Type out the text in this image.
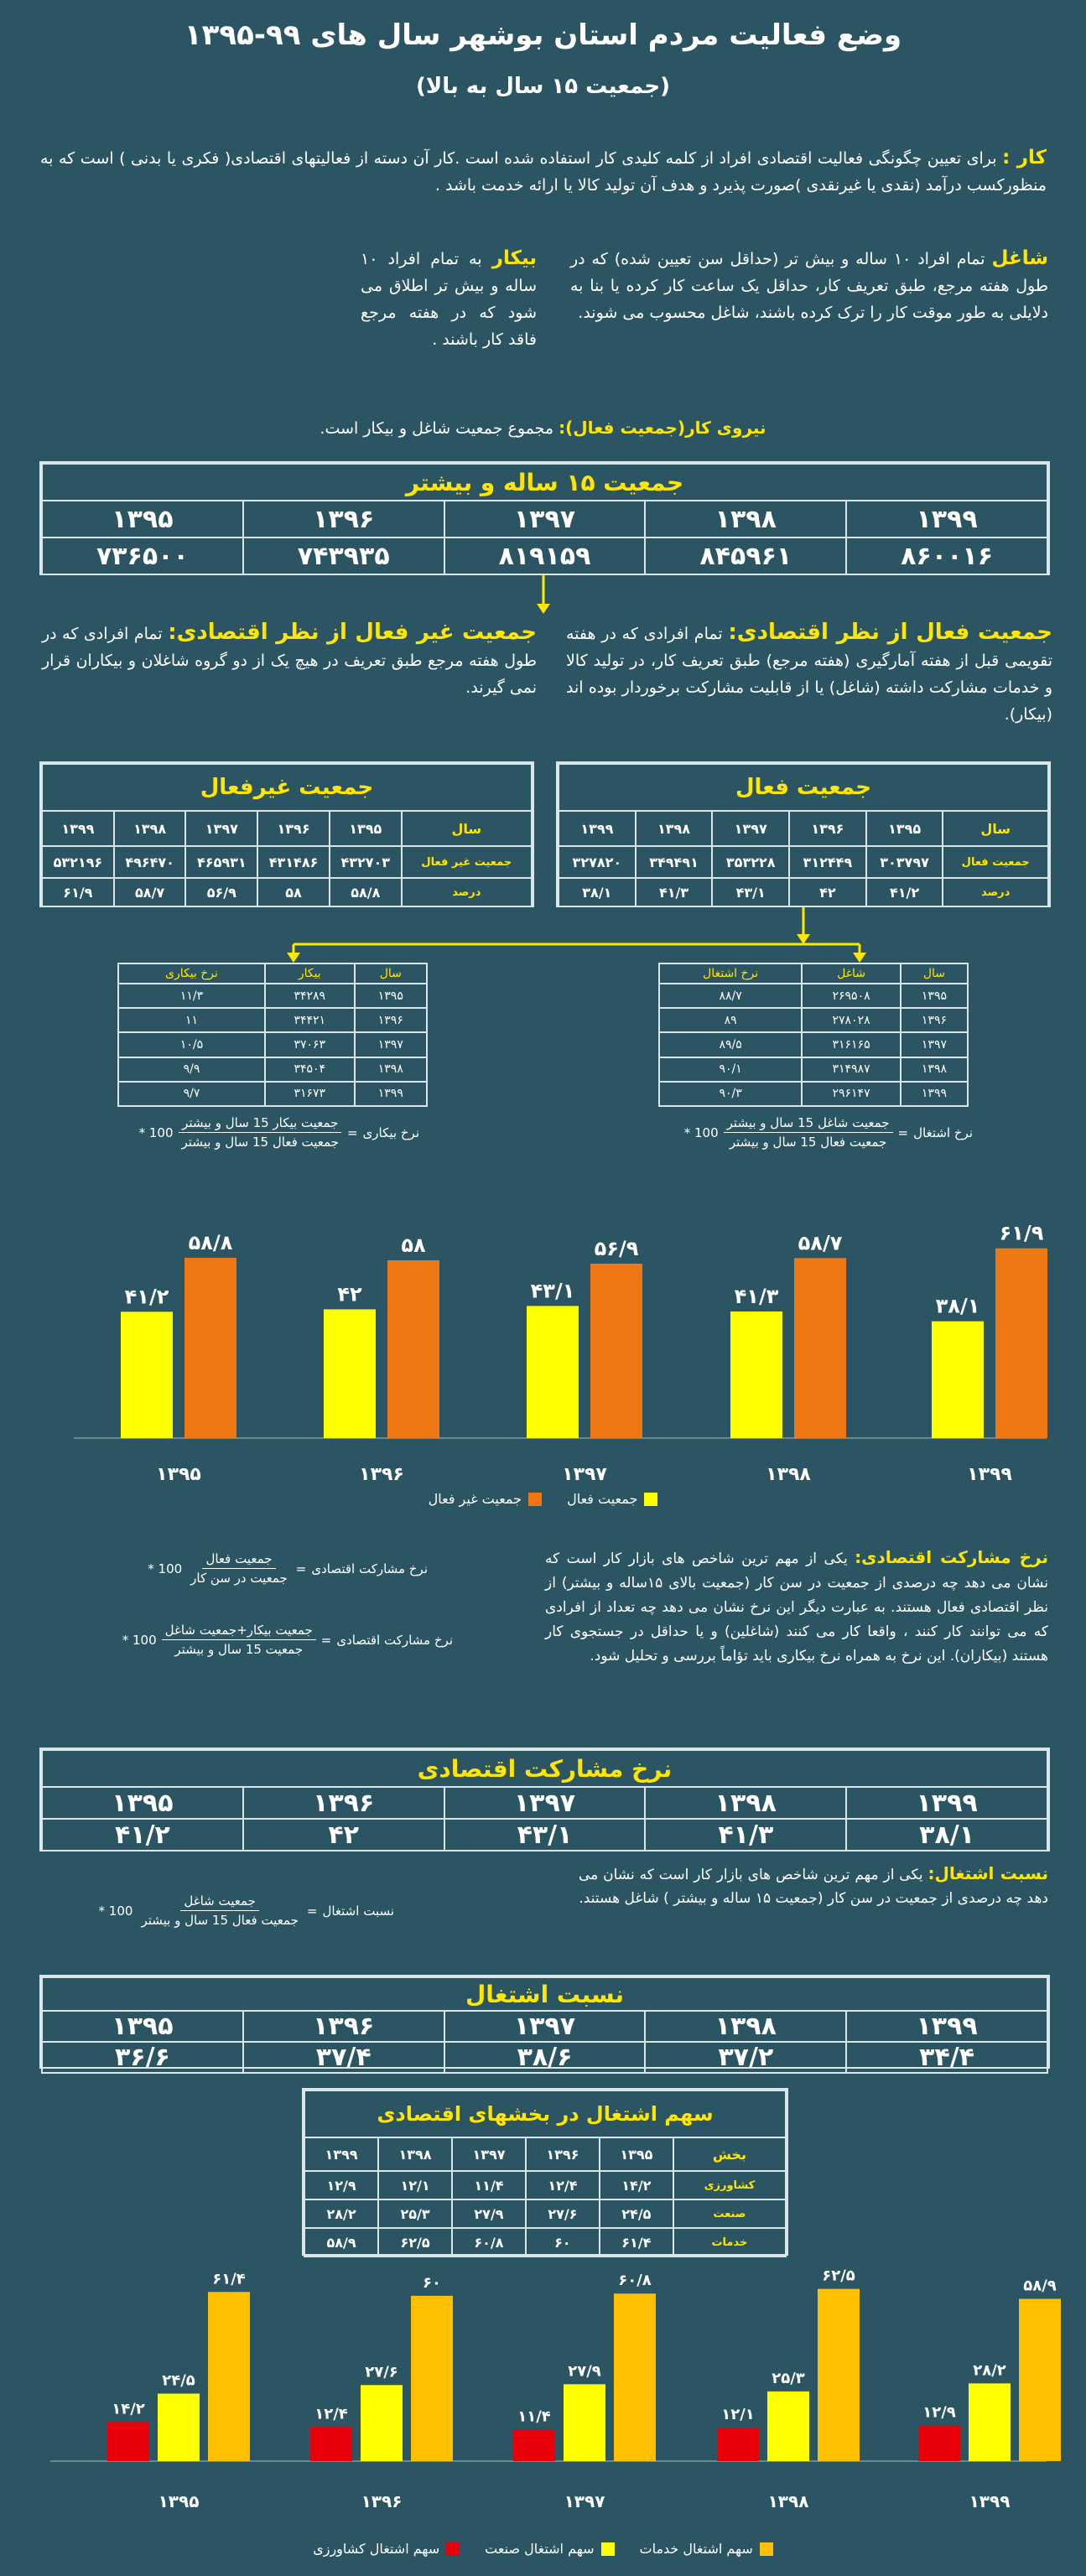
وضع فعالیت مردم استان بوشهر سال های ۹۹-۱۳۹۵
(جمعیت ۱۵ سال به بالا)
کار : برای تعیین چگونگی فعالیت اقتصادی افراد از کلمه کلیدی کار استفاده شده است .کار آن دسته از فعالیتهای اقتصادی( فکری یا بدنی ) است که به منظورکسب درآمد (نقدی یا غیرنقدی )صورت پذیرد و هدف آن تولید کالا یا ارائه خدمت باشد .
شاغل تمام افراد ۱۰ ساله و بیش تر (حداقل سن تعیین شده) که در طول هفته مرجع، طبق تعریف کار، حداقل یک ساعت کار کرده یا بنا به دلایلی به طور موقت کار را ترک کرده باشند، شاغل محسوب می شوند.
بیکار به تمام افراد ۱۰ ساله و بیش تر اطلاق می شود که در هفته مرجع فاقد کار باشند .
نیروی کار(جمعیت فعال): مجموع جمعیت شاغل و بیکار است.
جمعیت ۱۵ ساله و بیشتر				
۱۳۹۹	۱۳۹۸	۱۳۹۷	۱۳۹۶	۱۳۹۵
۸۶۰۰۱۶	۸۴۵۹۶۱	۸۱۹۱۵۹	۷۴۳۹۳۵	۷۳۶۵۰۰
جمعیت فعال از نظر اقتصادی: تمام افرادی که در هفته تقویمی قبل از هفته آمارگیری (هفته مرجع) طبق تعریف کار، در تولید کالا و خدمات مشارکت داشته (شاغل) یا از قابلیت مشارکت برخوردار بوده اند (بیکار).
جمعیت غیر فعال از نظر اقتصادی: تمام افرادی که در طول هفته مرجع طبق تعریف در هیچ یک از دو گروه شاغلان و بیکاران قرار نمی گیرند.
جمعیت فعال					
سال	۱۳۹۵	۱۳۹۶	۱۳۹۷	۱۳۹۸	۱۳۹۹
جمعیت فعال	۳۰۳۷۹۷	۳۱۲۴۴۹	۳۵۳۲۲۸	۳۴۹۴۹۱	۳۲۷۸۲۰
درصد	۴۱/۲	۴۲	۴۳/۱	۴۱/۳	۳۸/۱
جمعیت غیرفعال					
سال	۱۳۹۵	۱۳۹۶	۱۳۹۷	۱۳۹۸	۱۳۹۹
جمعیت غیر فعال	۴۳۲۷۰۳	۴۳۱۴۸۶	۴۶۵۹۳۱	۴۹۶۴۷۰	۵۳۲۱۹۶
درصد	۵۸/۸	۵۸	۵۶/۹	۵۸/۷	۶۱/۹
سال	شاغل	نرخ اشتغال
۱۳۹۵	۲۶۹۵۰۸	۸۸/۷
۱۳۹۶	۲۷۸۰۲۸	۸۹
۱۳۹۷	۳۱۶۱۶۵	۸۹/۵
۱۳۹۸	۳۱۴۹۸۷	۹۰/۱
۱۳۹۹	۲۹۶۱۴۷	۹۰/۳
سال	بیکار	نرخ بیکاری
۱۳۹۵	۳۴۲۸۹	۱۱/۳
۱۳۹۶	۳۴۴۲۱	۱۱
۱۳۹۷	۳۷۰۶۳	۱۰/۵
۱۳۹۸	۳۴۵۰۴	۹/۹
۱۳۹۹	۳۱۶۷۳	۹/۷
نرخ اشتغال
=
$\frac{\text{جمعیت شاغل 15 سال و بیشتر}}{\text{جمعیت فعال 15 سال و بیشتر}}$
100 *
نرخ بیکاری
=
$\frac{\text{جمعیت بیکار 15 سال و بیشتر}}{\text{جمعیت فعال 15 سال و بیشتر}}$
100 *
۴۱/۲
۵۸/۸
۱۳۹۵
۴۲
۵۸
۱۳۹۶
۴۳/۱
۵۶/۹
۱۳۹۷
۴۱/۳
۵۸/۷
۱۳۹۸
۳۸/۱
۶۱/۹
۱۳۹۹
جمعیت فعال
جمعیت غیر فعال
نرخ مشارکت اقتصادی: یکی از مهم ترین شاخص های بازار کار است که نشان می دهد چه درصدی از جمعیت در سن کار (جمعیت بالای ۱۵ساله و بیشتر) از نظر اقتصادی فعال هستند. به عبارت دیگر این نرخ نشان می دهد چه تعداد از افرادی که می توانند کار کنند ، واقعا کار می کنند (شاغلین) و یا حداقل در جستجوی کار هستند (بیکاران). این نرخ به همراه نرخ بیکاری باید تؤاماً بررسی و تحلیل شود.
نرخ مشارکت اقتصادی
=
$\frac{\text{جمعیت فعال}}{\text{جمعیت در سن کار}}$
100 *
نرخ مشارکت اقتصادی
=
$\frac{\text{جمعیت بیکار+جمعیت شاغل}}{\text{جمعیت 15 سال و بیشتر}}$
100 *
نرخ مشارکت اقتصادی				
۱۳۹۹	۱۳۹۸	۱۳۹۷	۱۳۹۶	۱۳۹۵
۳۸/۱	۴۱/۳	۴۳/۱	۴۲	۴۱/۲
نسبت اشتغال: یکی از مهم ترین شاخص های بازار کار است که نشان می دهد چه درصدی از جمعیت در سن کار (جمعیت ۱۵ ساله و بیشتر ) شاغل هستند.
نسبت اشتغال
=
$\frac{\text{جمعیت شاغل}}{\text{جمعیت فعال 15 سال و بیشتر}}$
100 *
نسبت اشتغال				
۱۳۹۹	۱۳۹۸	۱۳۹۷	۱۳۹۶	۱۳۹۵
۳۴/۴	۳۷/۲	۳۸/۶	۳۷/۴	۳۶/۶
سهم اشتغال در بخشهای اقتصادی					
بخش	۱۳۹۵	۱۳۹۶	۱۳۹۷	۱۳۹۸	۱۳۹۹
کشاورزی	۱۴/۲	۱۲/۴	۱۱/۴	۱۲/۱	۱۲/۹
صنعت	۲۴/۵	۲۷/۶	۲۷/۹	۲۵/۳	۲۸/۲
خدمات	۶۱/۴	۶۰	۶۰/۸	۶۲/۵	۵۸/۹
۱۴/۲
۲۴/۵
۶۱/۴
۱۳۹۵
۱۲/۴
۲۷/۶
۶۰
۱۳۹۶
۱۱/۴
۲۷/۹
۶۰/۸
۱۳۹۷
۱۲/۱
۲۵/۳
۶۲/۵
۱۳۹۸
۱۲/۹
۲۸/۲
۵۸/۹
۱۳۹۹
سهم اشتغال خدمات
سهم اشتغال صنعت
سهم اشتغال کشاورزی
